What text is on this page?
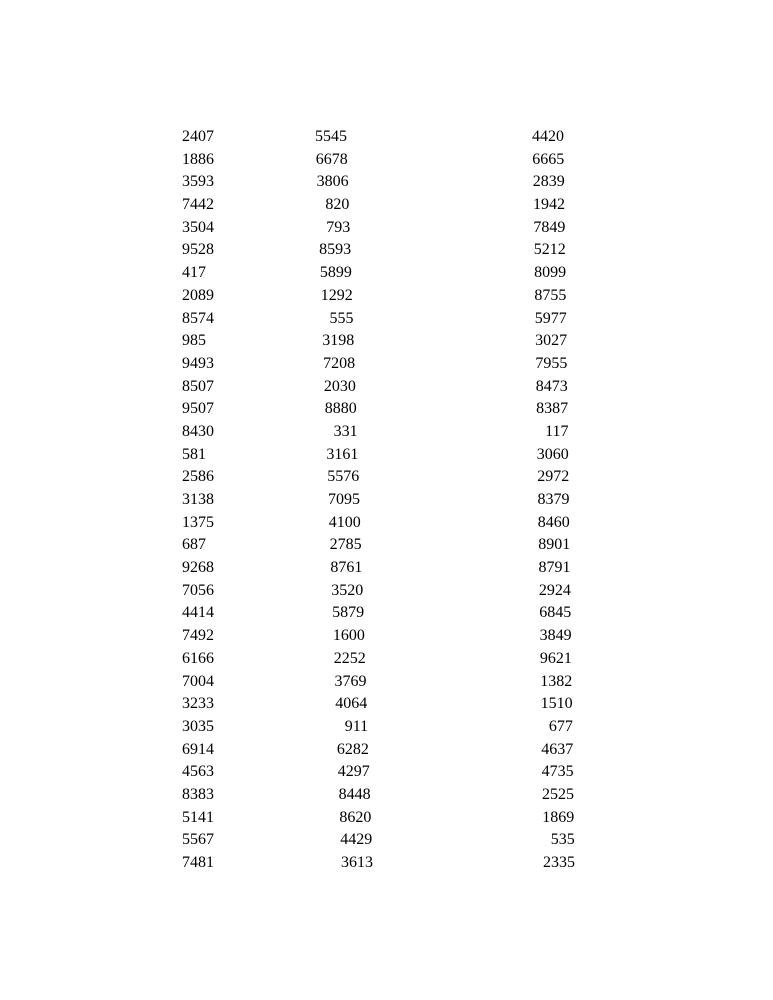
2407	5545	4420
1886	6678	6665
3593	3806	2839
7442	820	1942
3504	793	7849
9528	8593	5212
417	5899	8099
2089	1292	8755
8574	555	5977
985	3198	3027
9493	7208	7955
8507	2030	8473
9507	8880	8387
8430	331	117
581	3161	3060
2586	5576	2972
3138	7095	8379
1375	4100	8460
687	2785	8901
9268	8761	8791
7056	3520	2924
4414	5879	6845
7492	1600	3849
6166	2252	9621
7004	3769	1382
3233	4064	1510
3035	911	677
6914	6282	4637
4563	4297	4735
8383	8448	2525
5141	8620	1869
5567	4429	535
7481	3613	2335
